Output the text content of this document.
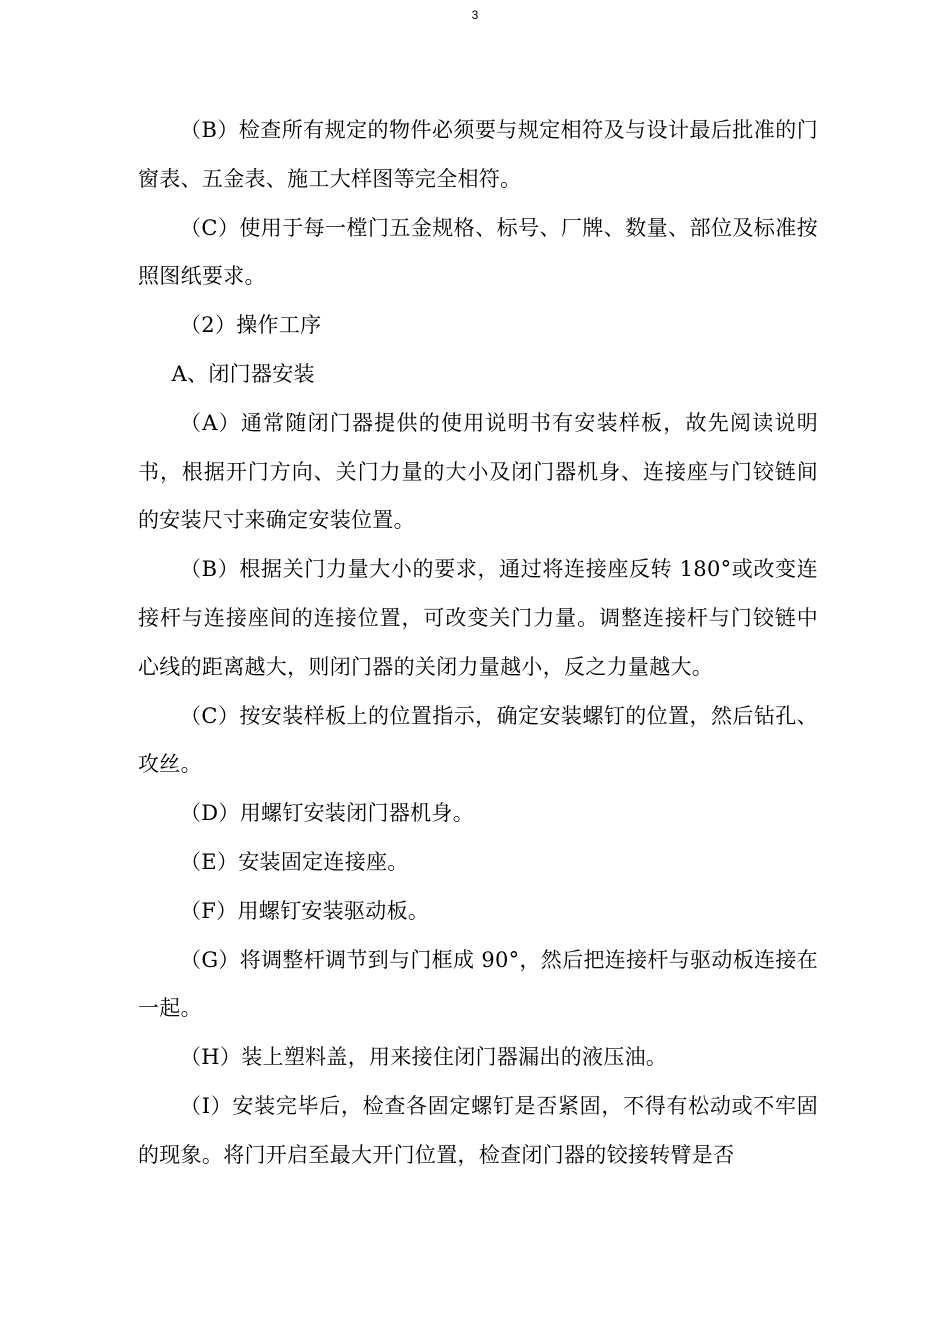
3

（B）检查所有规定的物件必须要与规定相符及与设计最后批准的门窗表、五金表、施工大样图等完全相符。

（C）使用于每一樘门五金规格、标号、厂牌、数量、部位及标准按照图纸要求。

（2）操作工序

A、闭门器安装

（A）通常随闭门器提供的使用说明书有安装样板，故先阅读说明书，根据开门方向、关门力量的大小及闭门器机身、连接座与门铰链间的安装尺寸来确定安装位置。

（B）根据关门力量大小的要求，通过将连接座反转 180°或改变连接杆与连接座间的连接位置，可改变关门力量。调整连接杆与门铰链中心线的距离越大，则闭门器的关闭力量越小，反之力量越大。

（C）按安装样板上的位置指示，确定安装螺钉的位置，然后钻孔、攻丝。

（D）用螺钉安装闭门器机身。

（E）安装固定连接座。

（F）用螺钉安装驱动板。

（G）将调整杆调节到与门框成 90°，然后把连接杆与驱动板连接在一起。

（H）装上塑料盖，用来接住闭门器漏出的液压油。

（I）安装完毕后，检查各固定螺钉是否紧固，不得有松动或不牢固的现象。将门开启至最大开门位置，检查闭门器的铰接转臂是否
